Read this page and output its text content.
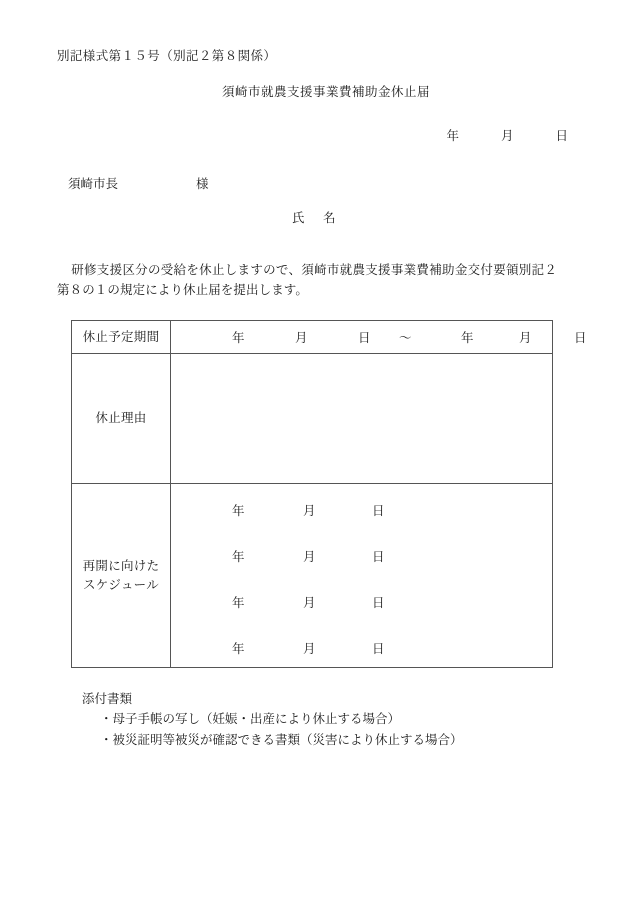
別記様式第１５号（別記２第８関係）
須崎市就農支援事業費補助金休止届
年	月	日
須崎市長	様
氏　名
研修支援区分の受給を休止しますので、須崎市就農支援事業費補助金交付要領別記２第８の１の規定により休止届を提出します。
休止予定期間	年	月	日 ～	年	月	日

休止理由	

再開に向けた
スケジュール

年	月	日
年	月	日
年	月	日
年	月	日
添付書類
・母子手帳の写し（妊娠・出産により休止する場合）
・被災証明等被災が確認できる書類（災害により休止する場合）
